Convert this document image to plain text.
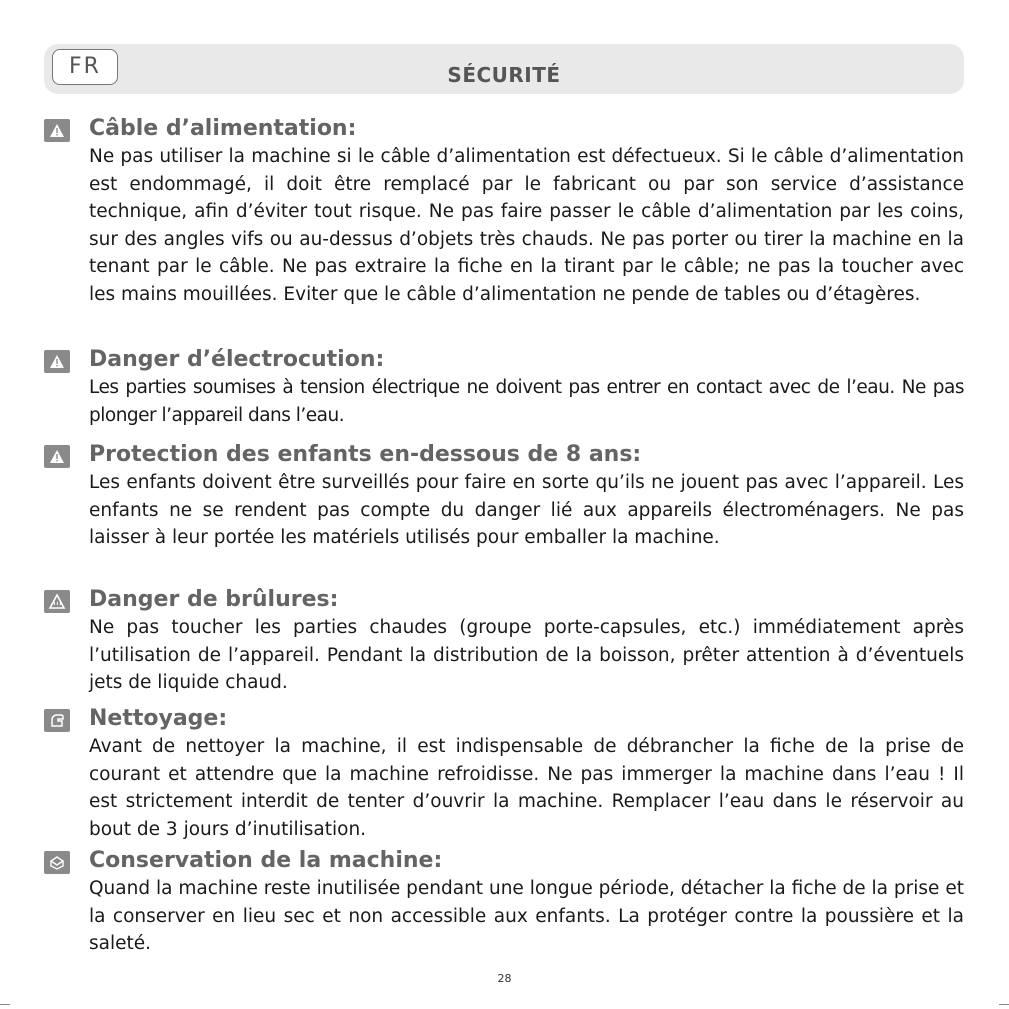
FR	SÉCURITÉ

Câble d’alimentation:

Ne pas utiliser la machine si le câble d’alimentation est défectueux. Si le câble d’alimentation est endommagé, il doit être remplacé par le fabricant ou par son service d’assistance technique, afin d’éviter tout risque. Ne pas faire passer le câble d’alimentation par les coins, sur des angles vifs ou au-dessus d’objets très chauds. Ne pas porter ou tirer la machine en la tenant par le câble. Ne pas extraire la fiche en la tirant par le câble; ne pas la toucher avec les mains mouillées. Eviter que le câble d’alimentation ne pende de tables ou d’étagères.

Danger d’électrocution:

Les parties soumises à tension électrique ne doivent pas entrer en contact avec de l’eau. Ne pas plonger l’appareil dans l’eau.

Protection des enfants en-dessous de 8 ans:

Les enfants doivent être surveillés pour faire en sorte qu’ils ne jouent pas avec l’appareil. Les enfants ne se rendent pas compte du danger lié aux appareils électroménagers. Ne pas laisser à leur portée les matériels utilisés pour emballer la machine.

Danger de brûlures:

Ne pas toucher les parties chaudes (groupe porte-capsules, etc.) immédiatement après l’utilisation de l’appareil. Pendant la distribution de la boisson, prêter attention à d’éventuels jets de liquide chaud.

Nettoyage:

Avant de nettoyer la machine, il est indispensable de débrancher la fiche de la prise de courant et attendre que la machine refroidisse. Ne pas immerger la machine dans l’eau ! Il est strictement interdit de tenter d’ouvrir la machine. Remplacer l’eau dans le réservoir au bout de 3 jours d’inutilisation.

Conservation de la machine:

Quand la machine reste inutilisée pendant une longue période, détacher la fiche de la prise et la conserver en lieu sec et non accessible aux enfants. La protéger contre la poussière et la saleté.

28
